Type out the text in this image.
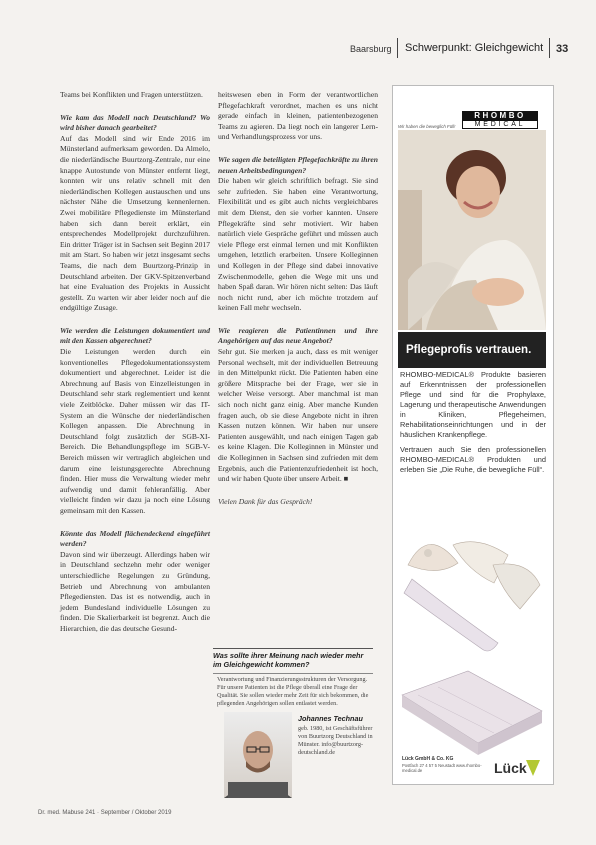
Baarsburg Schwerpunkt: Gleichgewicht 33

Teams bei Konflikten und Fragen unterstützen.

Wie kam das Modell nach Deutschland? Wo wird bisher danach gearbeitet?

Auf das Modell sind wir Ende 2016 im Münsterland aufmerksam geworden. Da Almelo, die niederländische Buurtzorg-Zentrale, nur eine knappe Autostunde von Münster entfernt liegt, konnten wir uns relativ schnell mit den niederländischen Kollegen austauschen und uns nächster Nähe die Umsetzung kennenlernen. Zwei mobilitäre Pflegedienste im Münsterland haben sich dann bereit erklärt, ein entsprechendes Modellprojekt durchzuführen. Ein dritter Träger ist in Sachsen seit Beginn 2017 mit am Start. So haben wir jetzt insgesamt sechs Teams, die nach dem Buurtzorg-Prinzip in Deutschland arbeiten. Der GKV-Spitzenverband hat eine Evaluation des Projekts in Aussicht gestellt. Zu warten wir aber leider noch auf die endgültige Zusage.

Wie werden die Leistungen dokumentiert und mit den Kassen abgerechnet?

Die Leistungen werden durch ein konventionelles Pflegedokumentationssystem dokumentiert und abgerechnet. Leider ist die Abrechnung auf Basis von Einzelleistungen in Deutschland sehr stark reglementiert und kennt viele Zeitblöcke. Daher müssen wir das IT-System an die Wünsche der niederländischen Kollegen anpassen. Die Abrechnung in Deutschland folgt zusätzlich der SGB-XI-Bereich. Die Behandlungspflege im SGB-V-Bereich müssen wir vertraglich abgleichen und darum eine leistungsgerechte Abrechnung finden. Hier muss die Verwaltung wieder mehr aufwendig und damit fehleranfällig. Aber vielleicht finden wir dazu ja noch eine Lösung gemeinsam mit den Kassen.

Könnte das Modell flächendeckend eingeführt werden?

Davon sind wir überzeugt. Allerdings haben wir in Deutschland sechzehn mehr oder weniger unterschiedliche Regelungen zu Gründung, Betrieb und Abrechnung von ambulanten Pflegediensten. Das ist es notwendig, auch in jedem Bundesland individuelle Lösungen zu finden. Die Skalierbarkeit ist begrenzt. Auch die Hierarchien, die das deutsche Gesund-

heitswesen eben in Form der verantwortlichen Pflegefachkraft verordnet, machen es uns nicht gerade einfach in kleinen, patientenbezogenen Teams zu agieren. Da liegt noch ein langerer Lern- und Verhandlungsprozess vor uns.

Wie sagen die beteiligten Pflegefachkräfte zu ihren neuen Arbeitsbedingungen?

Die haben wir gleich schriftlich befragt. Sie sind sehr zufrieden. Sie haben eine Verantwortung, Flexibilität und es gibt auch nichts vergleichbares mit dem Dienst, den sie vorher kannten. Unsere Pflegekräfte sind sehr motiviert. Wir haben natürlich viele Gespräche geführt und müssen auch viele Pflege erst einmal lernen und mit Konflikten umgehen, letztlich erarbeiten. Unsere Kolleginnen und Kollegen in der Pflege sind dabei innovative Zwischenmodelle, gehen die Wege mit uns und haben Spaß daran. Wir hören nicht selten: Das läuft noch nicht rund, aber ich möchte trotzdem auf keinen Fall mehr wechseln.

Wie reagieren die Patientinnen und ihre Angehörigen auf das neue Angebot?

Sehr gut. Sie merken ja auch, dass es mit weniger Personal wechselt, mit der individuellen Betreuung in den Mittelpunkt rückt. Die Patienten haben eine größere Mitsprache bei der Frage, wer sie in welcher Weise versorgt. Aber manchmal ist man sich noch nicht ganz einig. Aber manche Kunden fragen auch, ob sie diese Angebote nicht in ihren Kassen nutzen können. Wir haben nur unsere Patienten ausgewählt, und nach einigen Tagen gab es keine Klagen. Die Kolleginnen in Münster und die Kolleginnen in Sachsen sind zufrieden mit dem Ergebnis, auch die Patientenzufriedenheit ist hoch, und wir haben Quote über unsere Arbeit. ■

Vielen Dank für das Gespräch!

Was sollte ihrer Meinung nach wieder mehr im Gleichgewicht kommen?
Verantwortung und Finanzierungsstrukturen der Versorgung. Für unsere Patienten ist die Pflege überall eine Frage der Qualität. Sie sollen wieder mehr Zeit für sich bekommen, die pflegenden Angehörigen sollen entlastet werden.
Johannes Technau
geb. 1980, ist Geschäftsführer von Buurtzorg Deutschland in Münster. info@buurtzorg-deutschland.de
RHOMBO
MEDICAL
Wir haben die beweglich Füll!
Pflegeprofis vertrauen.
RHOMBO-MEDICAL® Produkte basieren auf Erkenntnissen der professionellen Pflege und sind für die Prophylaxe, Lagerung und therapeutische Anwendungen in Kliniken, Pflegeheimen, Rehabilitationseinrichtungen und in der häuslichen Krankenpflege.
Vertrauen auch Sie den professionellen RHOMBO-MEDICAL® Produkten und erleben Sie „Die Ruhe, die bewegliche Füll“.
Lück GmbH & Co. KG
Postfach 27 4 57 5 Neustadt www.rhombo-medical.de	Lück
Dr. med. Mabuse 241 · September / Oktober 2019
